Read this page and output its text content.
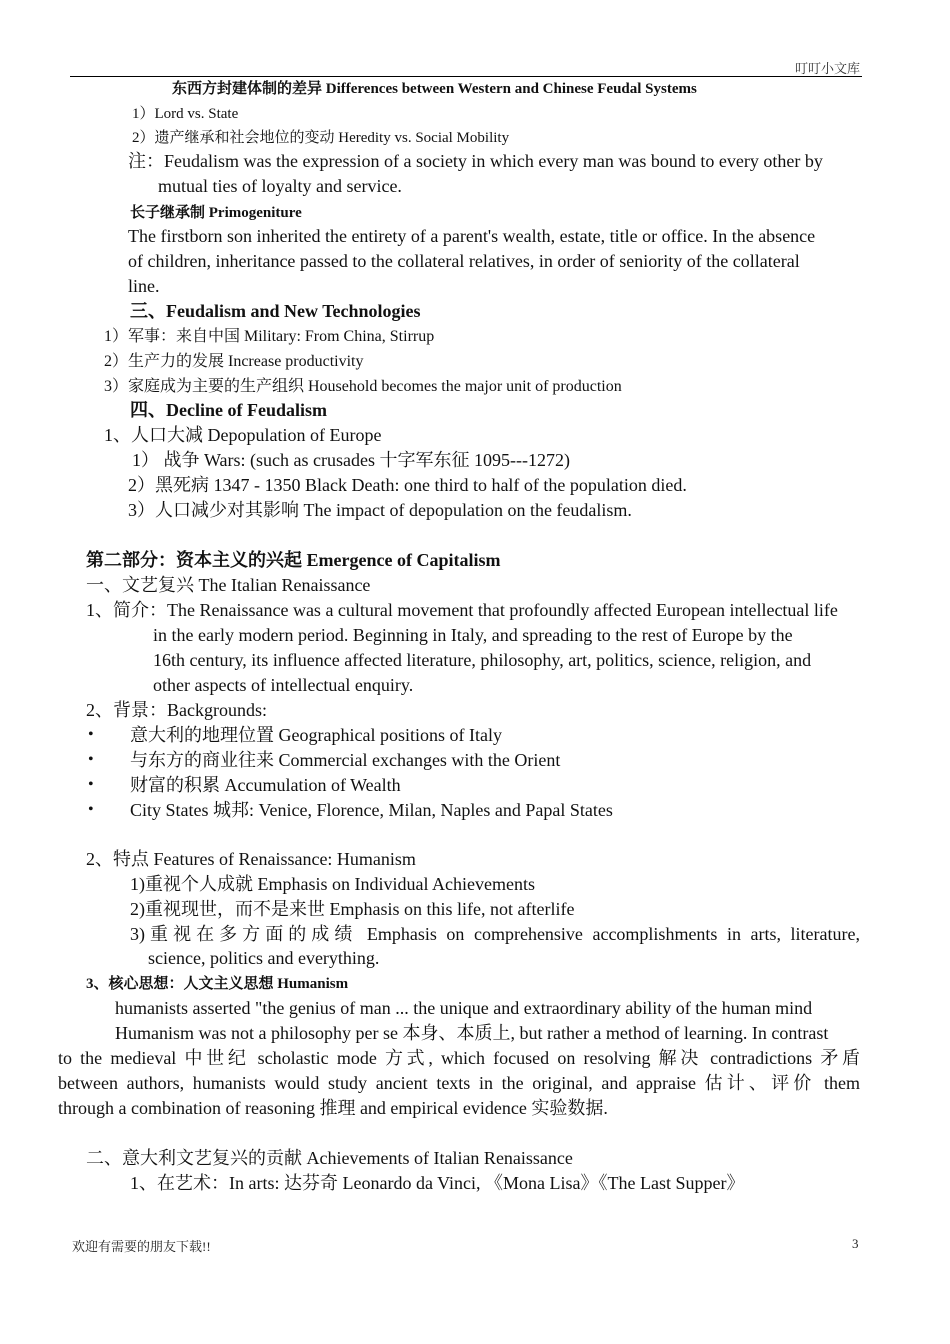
叮叮小文库
东西方封建体制的差异 Differences between Western and Chinese Feudal Systems
1）Lord vs. State
2）遗产继承和社会地位的变动 Heredity vs. Social Mobility
注：Feudalism was the expression of a society in which every man was bound to every other by
mutual ties of loyalty and service.
长子继承制 Primogeniture
The firstborn son inherited the entirety of a parent's wealth, estate, title or office. In the absence
of children, inheritance passed to the collateral relatives, in order of seniority of the collateral
line.
三、Feudalism and New Technologies
1）军事：来自中国 Military: From China, Stirrup
2）生产力的发展 Increase productivity
3）家庭成为主要的生产组织 Household becomes the major unit of production
四、Decline of Feudalism
1、人口大减 Depopulation of Europe
1） 战争 Wars: (such as crusades 十字军东征 1095---1272)
2）黑死病 1347 - 1350 Black Death: one third to half of the population died.
3）人口减少对其影响 The impact of depopulation on the feudalism.
第二部分：资本主义的兴起 Emergence of Capitalism
一、文艺复兴 The Italian Renaissance
1、简介：The Renaissance was a cultural movement that profoundly affected European intellectual life
in the early modern period. Beginning in Italy, and spreading to the rest of Europe by the
16th century, its influence affected literature, philosophy, art, politics, science, religion, and
other aspects of intellectual enquiry.
2、背景：Backgrounds:
• 意大利的地理位置 Geographical positions of Italy
• 与东方的商业往来 Commercial exchanges with the Orient
• 财富的积累 Accumulation of Wealth
• City States 城邦: Venice, Florence, Milan, Naples and Papal States
2、特点 Features of Renaissance: Humanism
1)重视个人成就 Emphasis on Individual Achievements
2)重视现世，而不是来世 Emphasis on this life, not afterlife
3)重视在多方面的成绩 Emphasis on comprehensive accomplishments in arts, literature,
science, politics and everything.
3、核心思想：人文主义思想 Humanism
humanists asserted "the genius of man ... the unique and extraordinary ability of the human mind
Humanism was not a philosophy per se 本身、本质上, but rather a method of learning. In contrast
to the medieval 中世纪 scholastic mode 方式, which focused on resolving 解决 contradictions 矛盾
between authors, humanists would study ancient texts in the original, and appraise 估计、评价 them
through a combination of reasoning 推理 and empirical evidence 实验数据.
二、意大利文艺复兴的贡献 Achievements of Italian Renaissance
1、在艺术：In arts: 达芬奇 Leonardo da Vinci, 《Mona Lisa》《The Last Supper》
欢迎有需要的朋友下载!!	3
